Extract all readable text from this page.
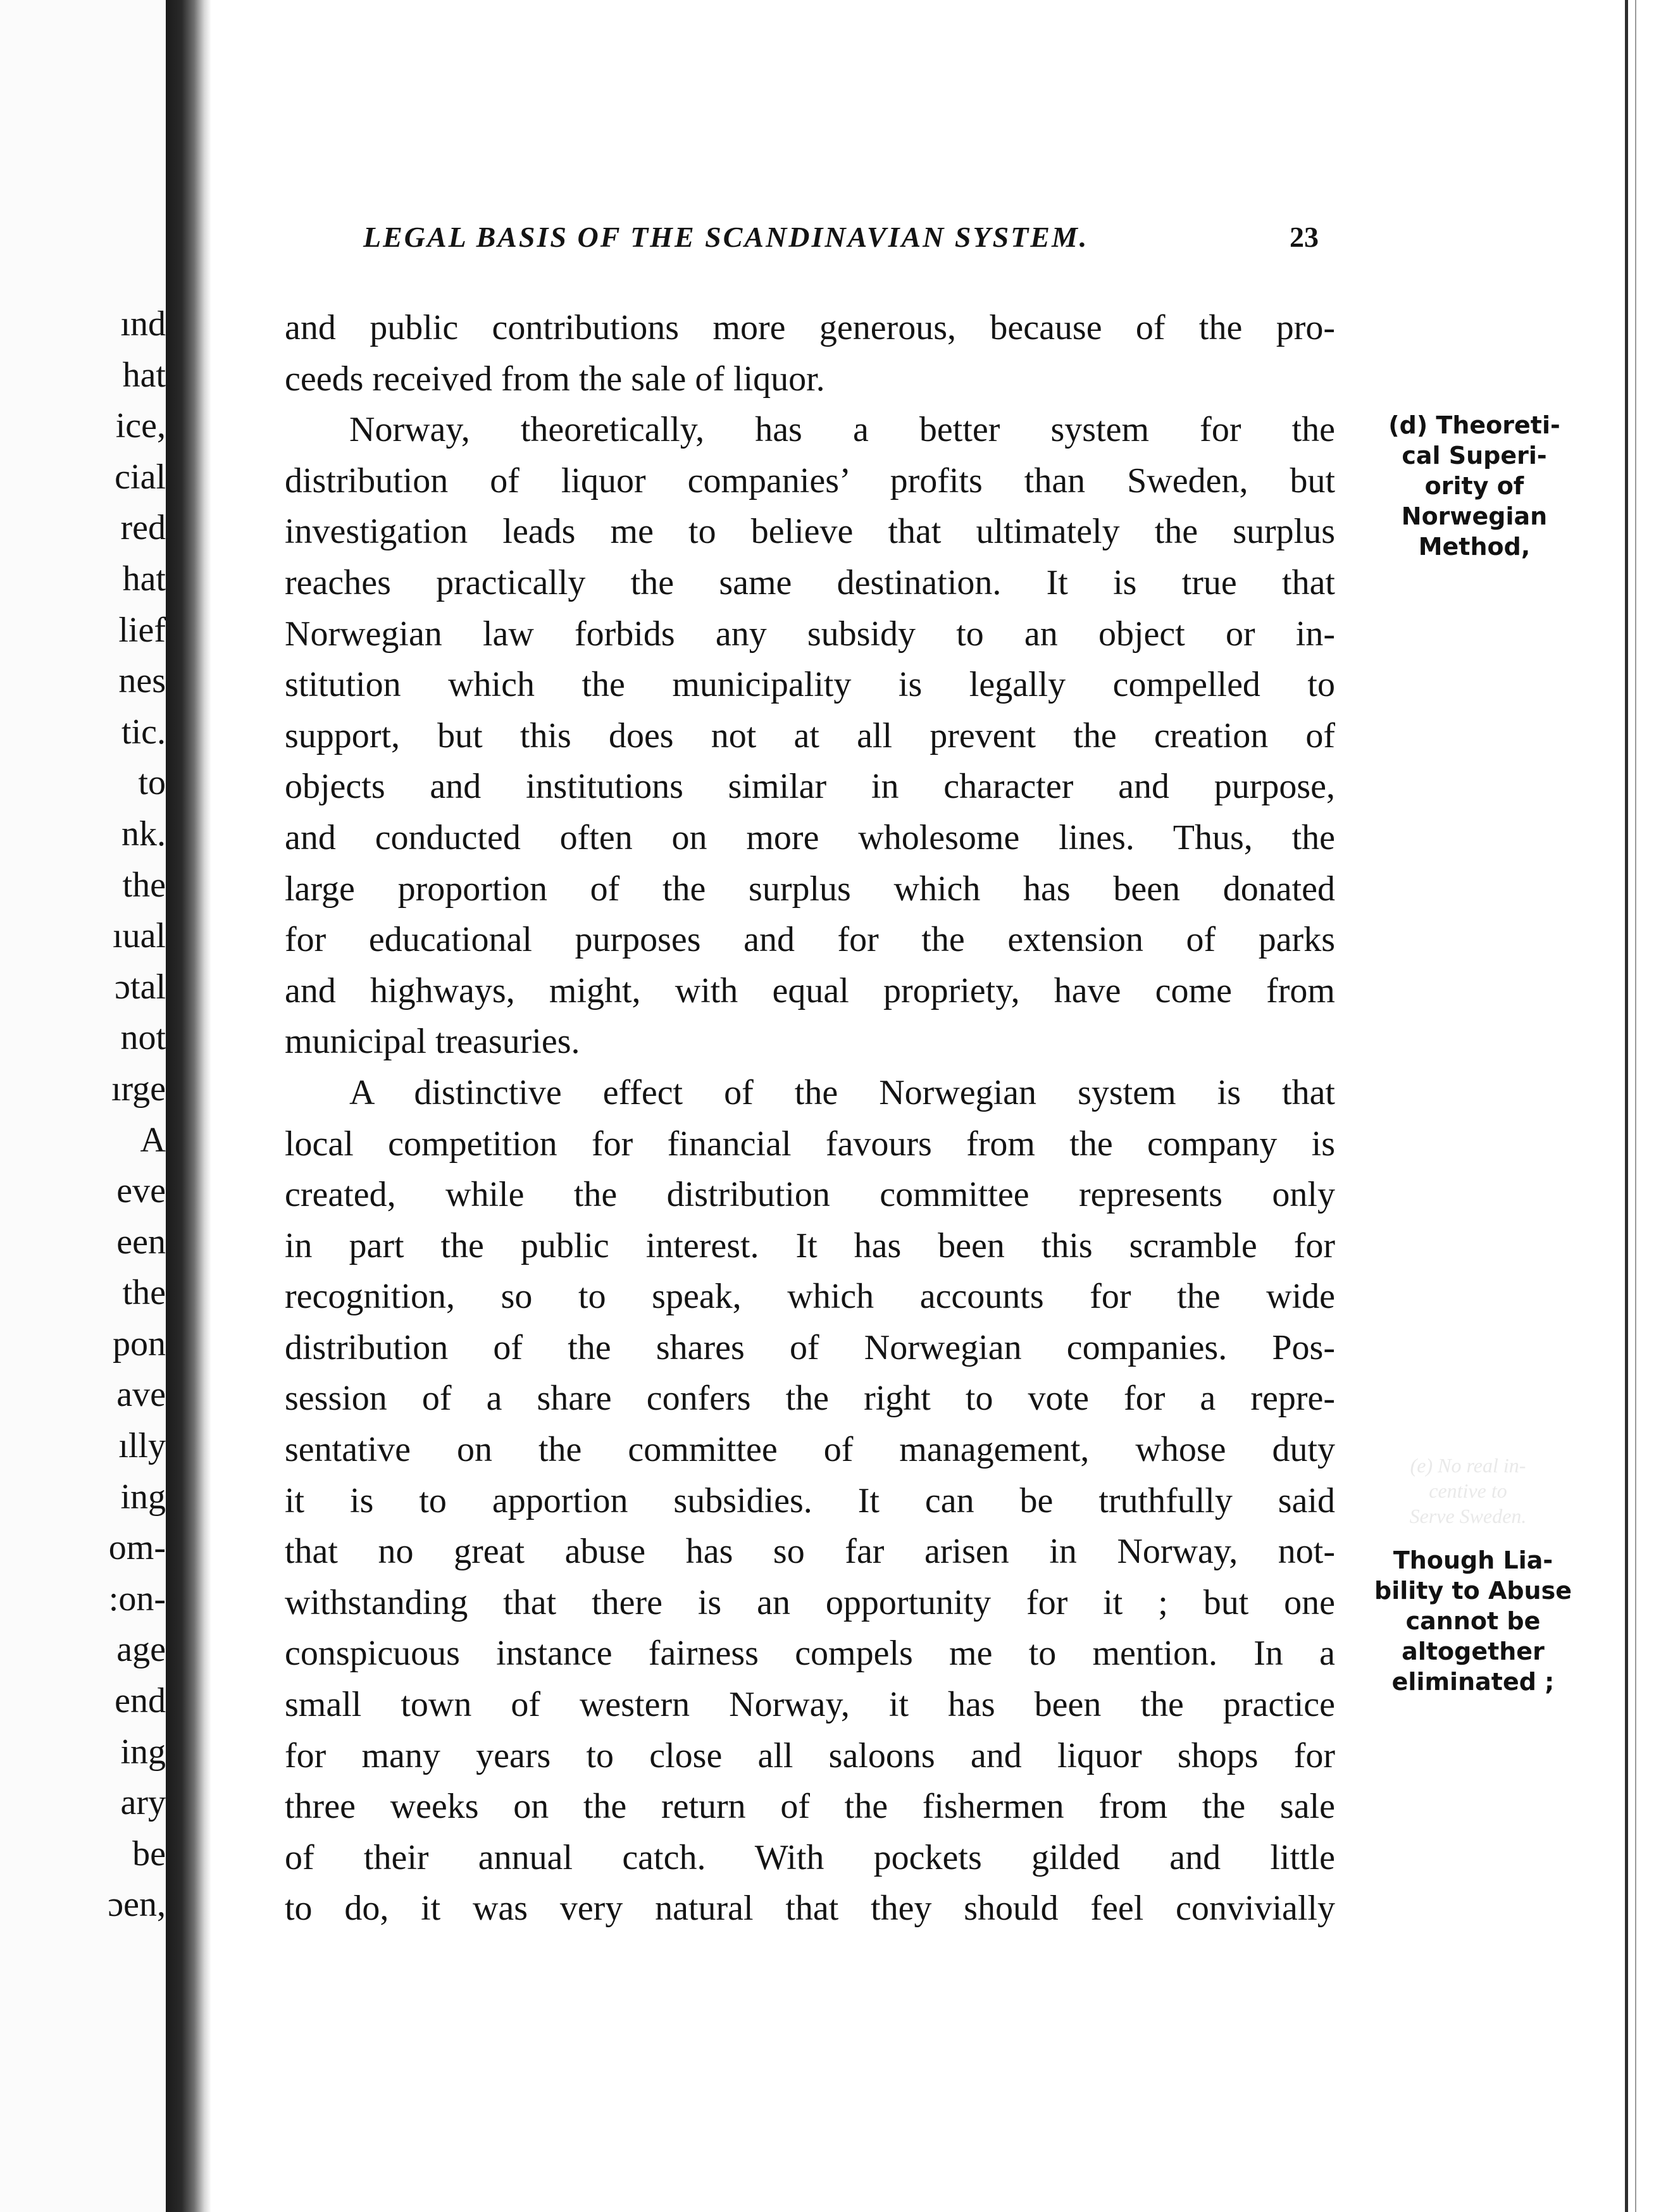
ınd
hat
ice,
cial
red
hat
lief
nes
tic.
to
nk.
the
ıual
ɔtal
not
ırge
A
eve
een
the
pon
ave
ılly
ing
om-
:on-
age
end
ing
ary
be
ɔen,
LEGAL BASIS OF THE SCANDINAVIAN SYSTEM.	23
and public contributions more generous, because of the pro-
ceeds received from the sale of liquor.
Norway, theoretically, has a better system for the
distribution of liquor companies’ profits than Sweden, but
investigation leads me to believe that ultimately the surplus
reaches practically the same destination. It is true that
Norwegian law forbids any subsidy to an object or in-
stitution which the municipality is legally compelled to
support, but this does not at all prevent the creation of
objects and institutions similar in character and purpose,
and conducted often on more wholesome lines. Thus, the
large proportion of the surplus which has been donated
for educational purposes and for the extension of parks
and highways, might, with equal propriety, have come from
municipal treasuries.
A distinctive effect of the Norwegian system is that
local competition for financial favours from the company is
created, while the distribution committee represents only
in part the public interest. It has been this scramble for
recognition, so to speak, which accounts for the wide
distribution of the shares of Norwegian companies. Pos-
session of a share confers the right to vote for a repre-
sentative on the committee of management, whose duty
it is to apportion subsidies. It can be truthfully said
that no great abuse has so far arisen in Norway, not-
withstanding that there is an opportunity for it ; but one
conspicuous instance fairness compels me to mention. In a
small town of western Norway, it has been the practice
for many years to close all saloons and liquor shops for
three weeks on the return of the fishermen from the sale
of their annual catch. With pockets gilded and little
to do, it was very natural that they should feel convivially
(d) Theoreti-
cal Superi-
ority of
Norwegian
Method,
(e) No real in-
centive to
Serve Sweden.
Though Lia-
bility to Abuse
cannot be
altogether
eliminated ;
